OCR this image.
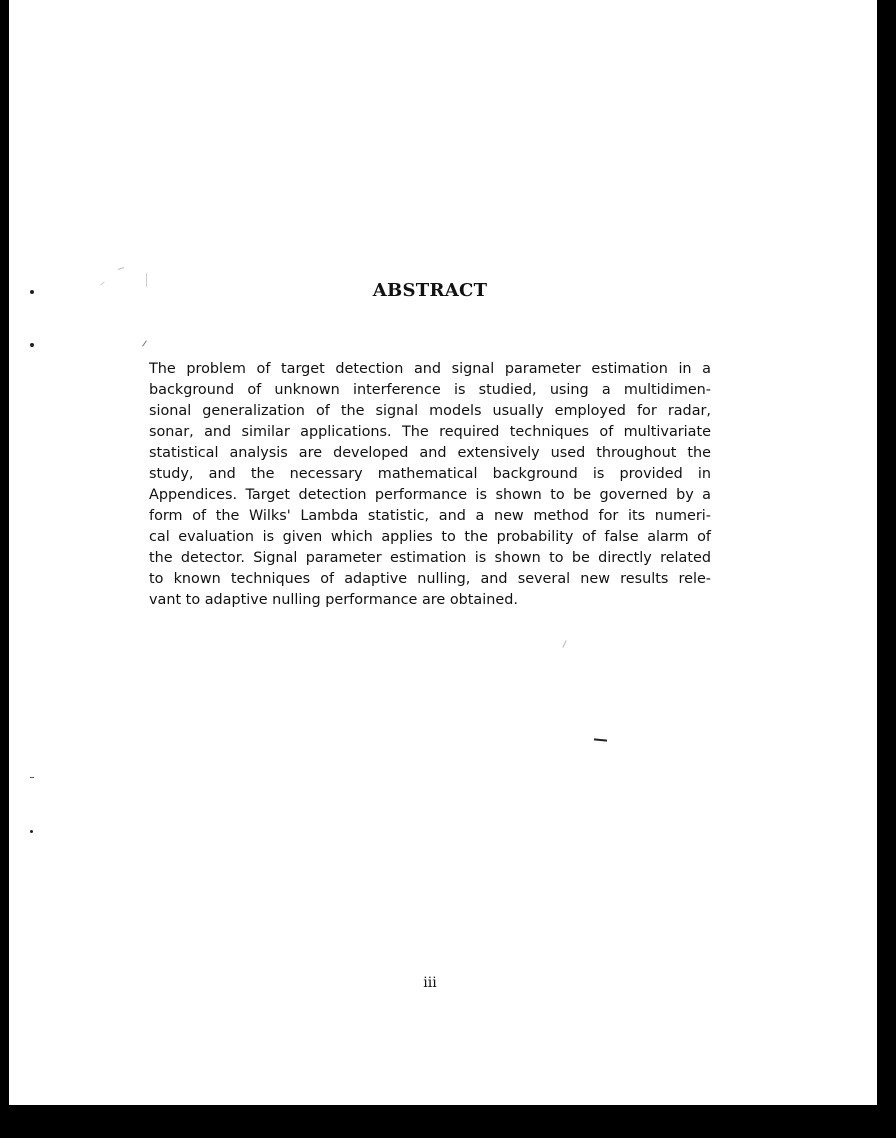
ABSTRACT

The problem of target detection and signal parameter estimation in a
background of unknown interference is studied, using a multidimen-
sional generalization of the signal models usually employed for radar,
sonar, and similar applications. The required techniques of multivariate
statistical analysis are developed and extensively used throughout the
study, and the necessary mathematical background is provided in
Appendices. Target detection performance is shown to be governed by a
form of the Wilks' Lambda statistic, and a new method for its numeri-
cal evaluation is given which applies to the probability of false alarm of
the detector. Signal parameter estimation is shown to be directly related
to known techniques of adaptive nulling, and several new results rele-
vant to adaptive nulling performance are obtained.

iii
